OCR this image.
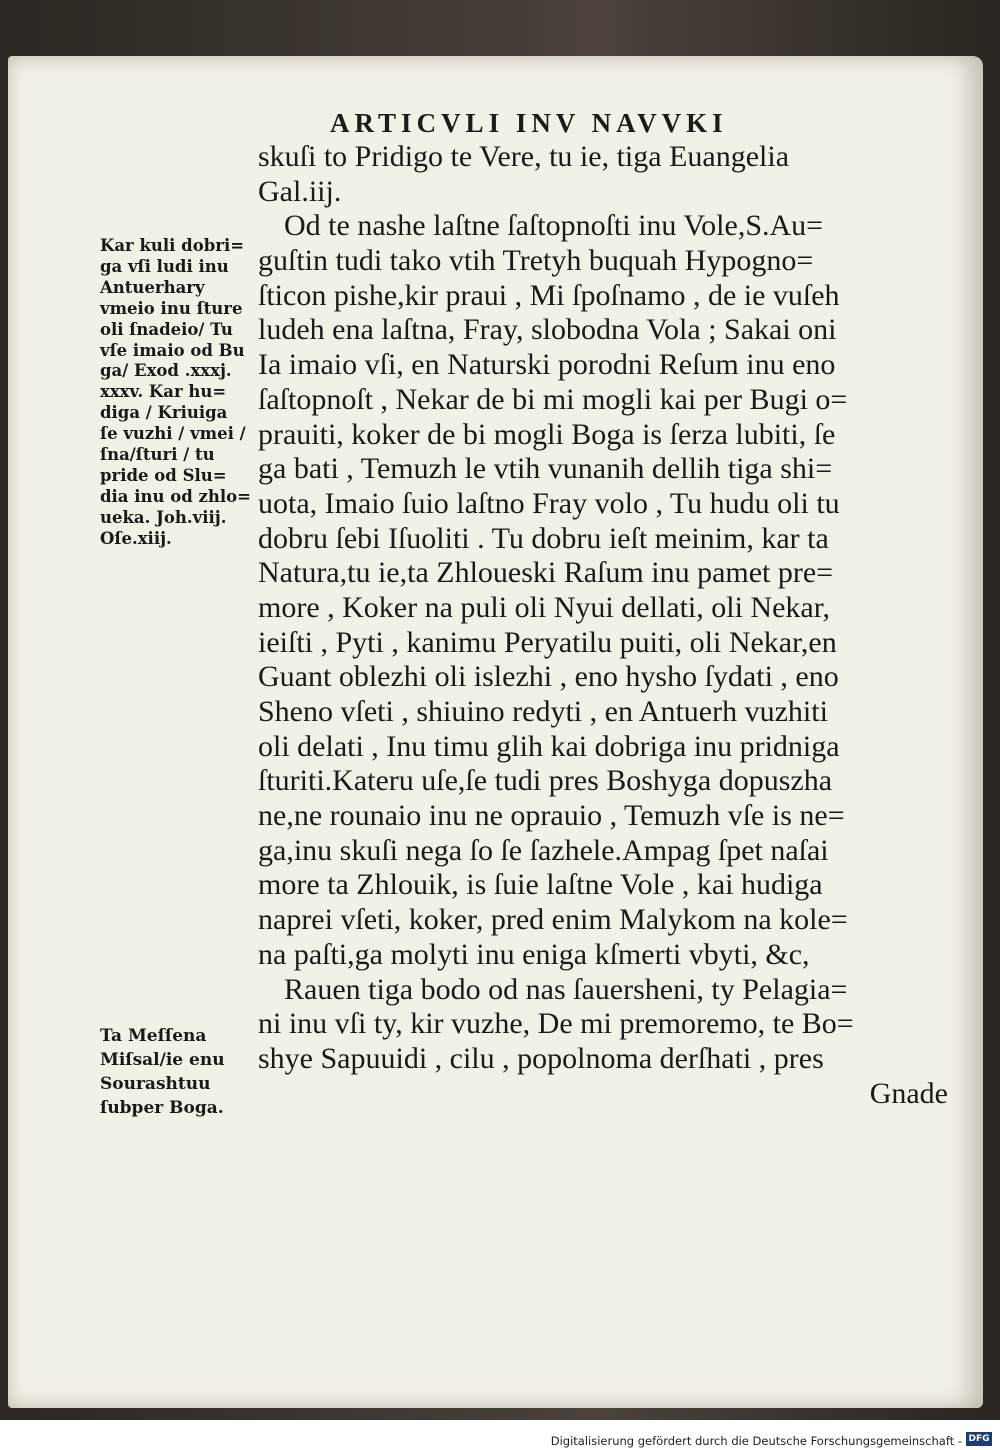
ARTICVLI INV NAVVKI
skuſi to Pridigo te Vere, tu ie, tiga Euangelia
Gal.iij.
Od te nashe laſtne ſaſtopnoſti inu Vole,S.Au=
guſtin tudi tako vtih Tretyh buquah Hypogno=
ſticon pishe,kir praui , Mi ſpoſnamo , de ie vuſeh
ludeh ena laſtna, Fray, slobodna Vola ; Sakai oni
Ia imaio vſi, en Naturski porodni Reſum inu eno
ſaſtopnoſt , Nekar de bi mi mogli kai per Bugi o=
prauiti, koker de bi mogli Boga is ſerza lubiti, ſe
ga bati , Temuzh le vtih vunanih dellih tiga shi=
uota, Imaio ſuio laſtno Fray volo , Tu hudu oli tu
dobru ſebi Iſuoliti . Tu dobru ieſt meinim, kar ta
Natura,tu ie,ta Zhloueski Raſum inu pamet pre=
more , Koker na puli oli Nyui dellati, oli Nekar,
ieiſti , Pyti , kanimu Peryatilu puiti, oli Nekar,en
Guant oblezhi oli islezhi , eno hysho ſydati , eno
Sheno vſeti , shiuino redyti , en Antuerh vuzhiti
oli delati , Inu timu glih kai dobriga inu pridniga
ſturiti.Kateru uſe,ſe tudi pres Boshyga dopuszha
ne,ne rounaio inu ne oprauio , Temuzh vſe is ne=
ga,inu skuſi nega ſo ſe ſazhele.Ampag ſpet naſai
more ta Zhlouik, is ſuie laſtne Vole , kai hudiga
naprei vſeti, koker, pred enim Malykom na kole=
na paſti,ga molyti inu eniga kſmerti vbyti, &c,
Rauen tiga bodo od nas ſauersheni, ty Pelagia=
ni inu vſi ty, kir vuzhe, De mi premoremo, te Bo=
shye Sapuuidi , cilu , popolnoma derſhati , pres
Gnade
Kar kuli dobri=
ga vſi ludi inu
Antuerhary
vmeio inu ſture
oli ſnadeio/ Tu
vſe imaio od Bu
ga/ Exod .xxxj.
xxxv. Kar hu=
diga / Kriuiga
ſe vuzhi / vmei /
ſna/ſturi / tu
pride od Slu=
dia inu od zhlo=
ueka. Joh.viij.
Oſe.xiij.
Ta Meſſena
Miſsal/ie enu
Sourashtuu
ſubper Boga.
Digitalisierung gefördert durch die Deutsche Forschungsgemeinschaft - DFG
